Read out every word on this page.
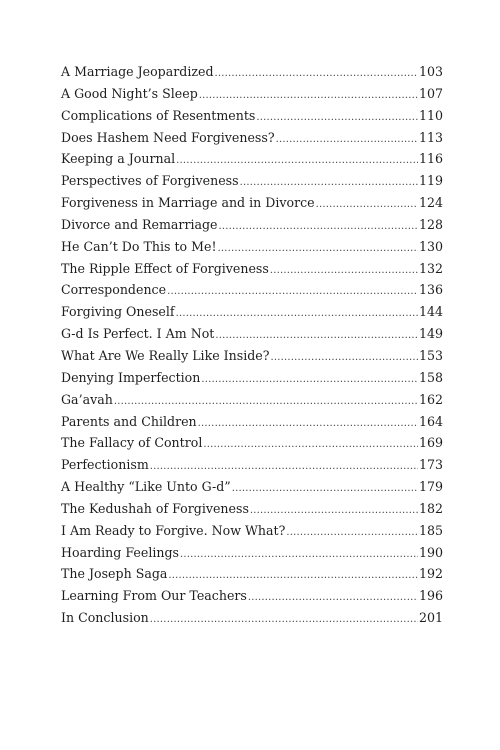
A Marriage Jeopardized .....	103
A Good Night’s Sleep .....	107
Complications of Resentments .....	110
Does Hashem Need Forgiveness? .....	113
Keeping a Journal .....	116
Perspectives of Forgiveness .....	119
Forgiveness in Marriage and in Divorce .....	124
Divorce and Remarriage .....	128
He Can’t Do This to Me! .....	130
The Ripple Effect of Forgiveness .....	132
Correspondence .....	136
Forgiving Oneself .....	144
G-d Is Perfect. I Am Not .....	149
What Are We Really Like Inside? .....	153
Denying Imperfection .....	158
Ga’avah .....	162
Parents and Children .....	164
The Fallacy of Control .....	169
Perfectionism .....	173
A Healthy “Like Unto G-d” .....	179
The Kedushah of Forgiveness .....	182
I Am Ready to Forgive. Now What? .....	185
Hoarding Feelings .....	190
The Joseph Saga .....	192
Learning From Our Teachers .....	196
In Conclusion .....	201
